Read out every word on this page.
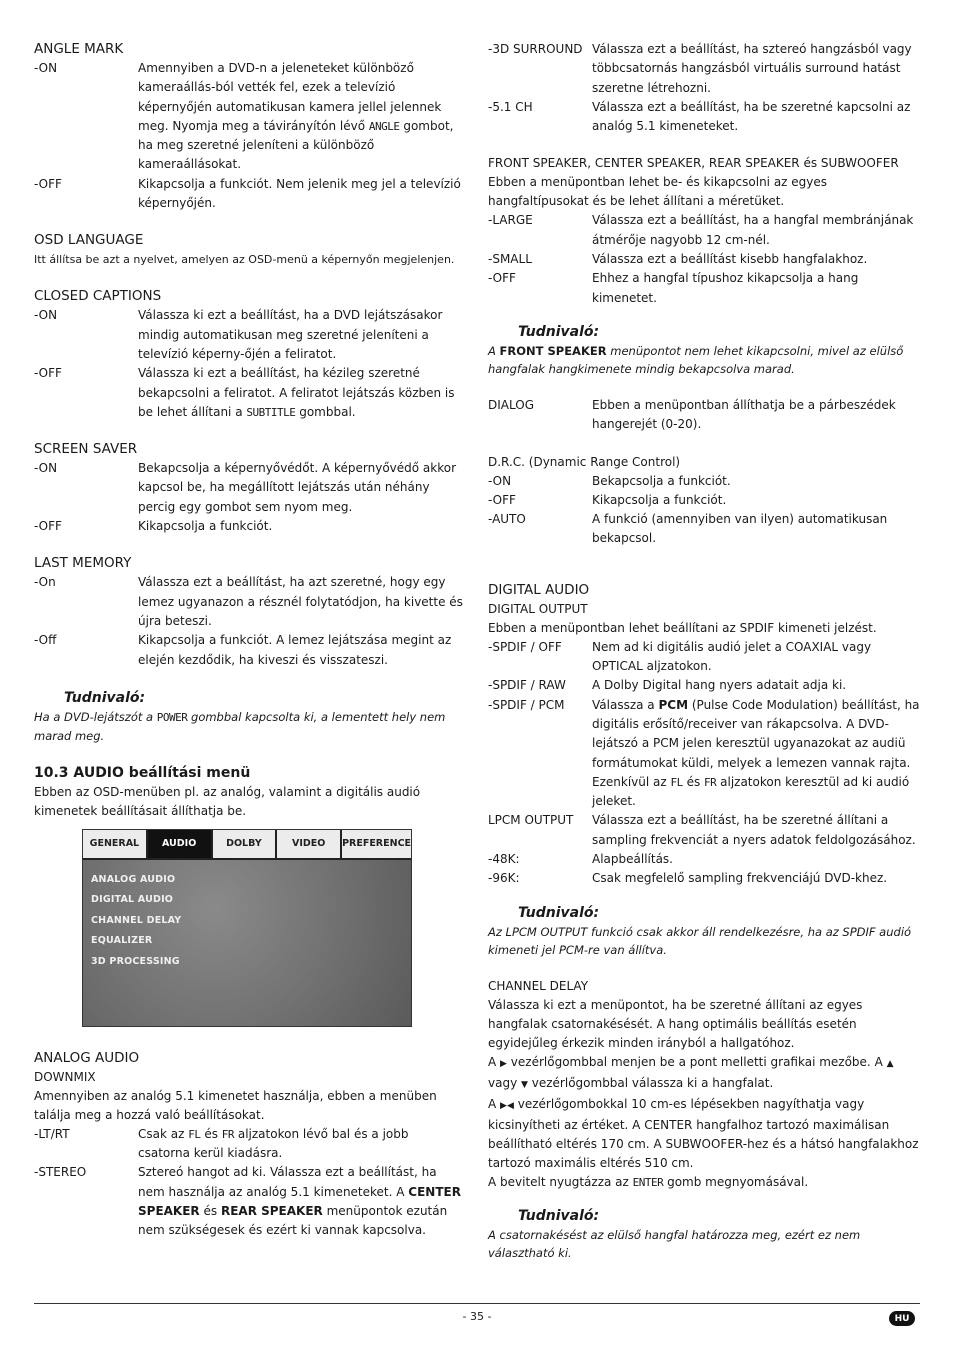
ANGLE MARK

-ON	Amennyiben a DVD-n a jeleneteket különböző kameraállás-ból vették fel, ezek a televízió képernyőjén automatikusan kamera jellel jelennek meg. Nyomja meg a távirányítón lévő ANGLE gombot, ha meg szeretné jeleníteni a különböző kameraállásokat.
-OFF	Kikapcsolja a funkciót. Nem jelenik meg jel a televízió képernyőjén.

OSD LANGUAGE

Itt állítsa be azt a nyelvet, amelyen az OSD-menü a képernyőn megjelenjen.

CLOSED CAPTIONS

-ON	Válassza ki ezt a beállítást, ha a DVD lejátszásakor mindig automatikusan meg szeretné jeleníteni a televízió képerny-őjén a feliratot.
-OFF	Válassza ki ezt a beállítást, ha kézileg szeretné bekapcsolni a feliratot. A feliratot lejátszás közben is be lehet állítani a SUBTITLE gombbal.

SCREEN SAVER

-ON	Bekapcsolja a képernyővédőt. A képernyővédő akkor kapcsol be, ha megállított lejátszás után néhány percig egy gombot sem nyom meg.
-OFF	Kikapcsolja a funkciót.

LAST MEMORY

-On	Válassza ezt a beállítást, ha azt szeretné, hogy egy lemez ugyanazon a résznél folytatódjon, ha kivette és újra beteszi.
-Off	Kikapcsolja a funkciót. A lemez lejátszása megint az elején kezdődik, ha kiveszi és visszateszi.

Tudnivaló:

Ha a DVD-lejátszót a POWER gombbal kapcsolta ki, a lementett hely nem marad meg.

10.3 AUDIO beállítási menü

Ebben az OSD-menüben pl. az analóg, valamint a digitális audió kimenetek beállításait állíthatja be.

GENERAL	AUDIO	DOLBY	VIDEO	PREFERENCE
ANALOG AUDIO
DIGITAL AUDIO
CHANNEL DELAY
EQUALIZER
3D PROCESSING

ANALOG AUDIO

DOWNMIX

Amennyiben az analóg 5.1 kimenetet használja, ebben a menüben találja meg a hozzá való beállításokat.

-LT/RT	Csak az FL és FR aljzatokon lévő bal és a jobb csatorna kerül kiadásra.
-STEREO	Sztereó hangot ad ki. Válassza ezt a beállítást, ha nem használja az analóg 5.1 kimeneteket. A CENTER SPEAKER és REAR SPEAKER menüpontok ezután nem szükségesek és ezért ki vannak kapcsolva.
-3D SURROUND Válassza ezt a beállítást, ha sztereó hangzásból vagy többcsatornás hangzásból virtuális surround hatást szeretne létrehozni.
-5.1 CH	Válassza ezt a beállítást, ha be szeretné kapcsolni az analóg 5.1 kimeneteket.

FRONT SPEAKER, CENTER SPEAKER, REAR SPEAKER és SUBWOOFER

Ebben a menüpontban lehet be- és kikapcsolni az egyes hangfaltípusokat és be lehet állítani a méretüket.

-LARGE	Válassza ezt a beállítást, ha a hangfal membránjának átmérője nagyobb 12 cm-nél.
-SMALL	Válassza ezt a beállítást kisebb hangfalakhoz.
-OFF	Ehhez a hangfal típushoz kikapcsolja a hang kimenetet.

Tudnivaló:

A FRONT SPEAKER menüpontot nem lehet kikapcsolni, mivel az elülső hangfalak hangkimenete mindig bekapcsolva marad.

DIALOG	Ebben a menüpontban állíthatja be a párbeszédek hangerejét (0-20).

D.R.C. (Dynamic Range Control)

-ON	Bekapcsolja a funkciót.
-OFF	Kikapcsolja a funkciót.
-AUTO	A funkció (amennyiben van ilyen) automatikusan bekapcsol.

DIGITAL AUDIO

DIGITAL OUTPUT

Ebben a menüpontban lehet beállítani az SPDIF kimeneti jelzést.

-SPDIF / OFF	Nem ad ki digitális audió jelet a COAXIAL vagy OPTICAL aljzatokon.
-SPDIF / RAW	A Dolby Digital hang nyers adatait adja ki.
-SPDIF / PCM	Válassza a PCM (Pulse Code Modulation) beállítást, ha digitális erősítő/receiver van rákapcsolva. A DVD-lejátszó a PCM jelen keresztül ugyanazokat az audiü formátumokat küldi, melyek a lemezen vannak rajta. Ezenkívül az FL és FR aljzatokon keresztül ad ki audió jeleket.
LPCM OUTPUT	Válassza ezt a beállítást, ha be szeretné állítani a sampling frekvenciát a nyers adatok feldolgozásához.
-48K:	Alapbeállítás.
-96K:	Csak megfelelő sampling frekvenciájú DVD-khez.

Tudnivaló:

Az LPCM OUTPUT funkció csak akkor áll rendelkezésre, ha az SPDIF audió kimeneti jel PCM-re van állítva.

CHANNEL DELAY

Válassza ki ezt a menüpontot, ha be szeretné állítani az egyes hangfalak csatornakésését. A hang optimális beállítás esetén egyidejűleg érkezik minden irányból a hallgatóhoz.

A ▶ vezérlőgombbal menjen be a pont melletti grafikai mezőbe. A ▲ vagy ▼ vezérlőgombbal válassza ki a hangfalat.

A ▶◀ vezérlőgombokkal 10 cm-es lépésekben nagyíthatja vagy kicsinyítheti az értéket. A CENTER hangfalhoz tartozó maximálisan beállítható eltérés 170 cm. A SUBWOOFER-hez és a hátsó hangfalakhoz tartozó maximális eltérés 510 cm.

A bevitelt nyugtázza az ENTER gomb megnyomásával.

Tudnivaló:

A csatornakésést az elülső hangfal határozza meg, ezért ez nem választható ki.

- 35 -	HU
